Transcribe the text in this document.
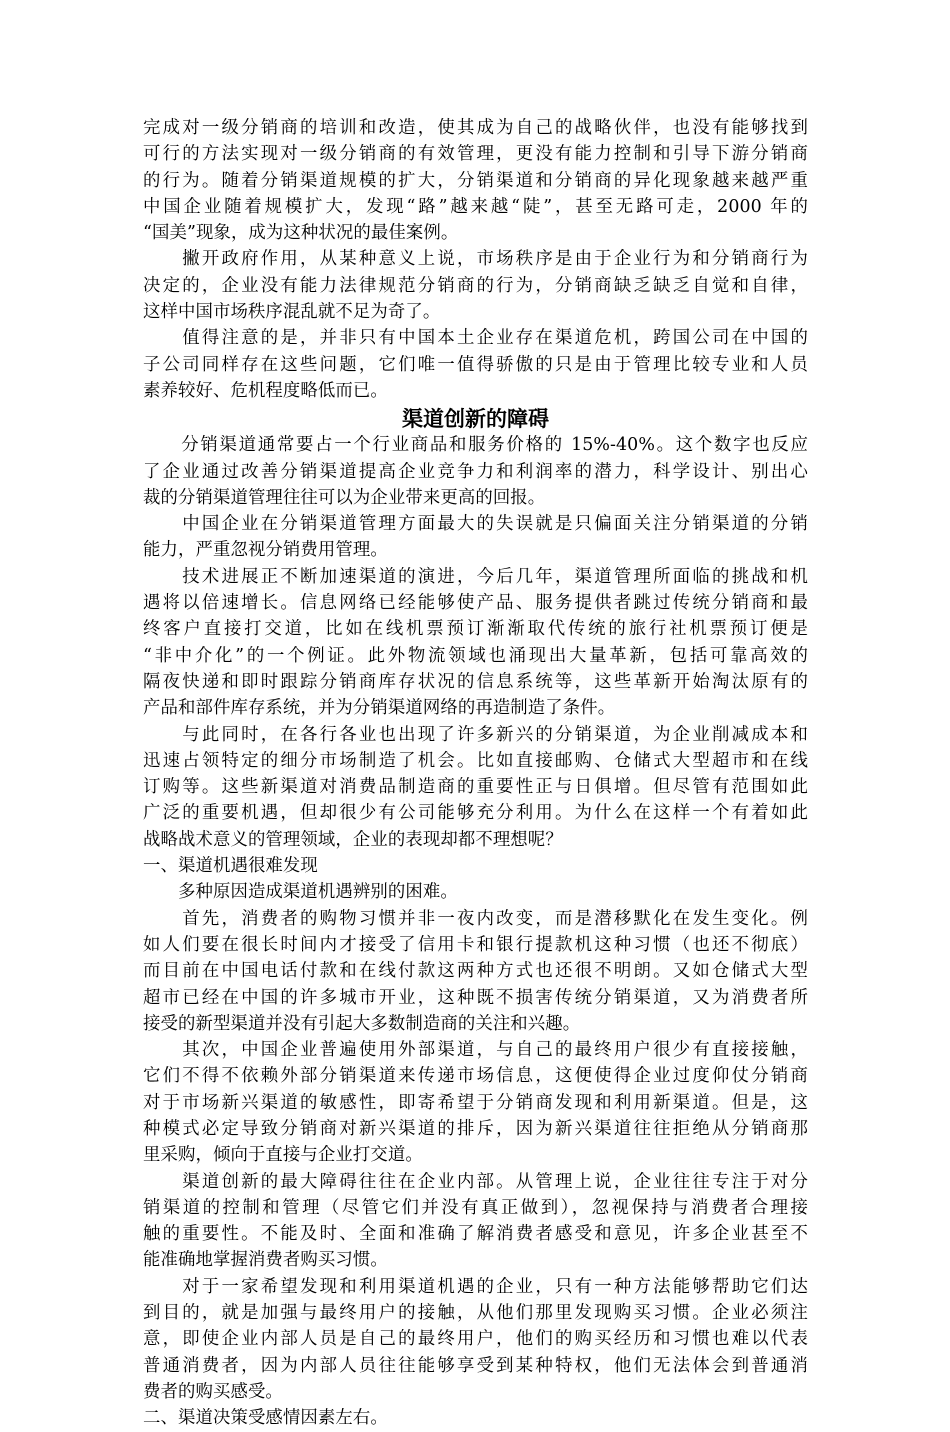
完成对一级分销商的培训和改造，使其成为自己的战略伙伴，也没有能够找到
可行的方法实现对一级分销商的有效管理，更没有能力控制和引导下游分销商
的行为。随着分销渠道规模的扩大，分销渠道和分销商的异化现象越来越严重
中国企业随着规模扩大，发现“路”越来越“陡”，甚至无路可走，2000 年的
“国美”现象，成为这种状况的最佳案例。
　　撇开政府作用，从某种意义上说，市场秩序是由于企业行为和分销商行为
决定的，企业没有能力法律规范分销商的行为，分销商缺乏缺乏自觉和自律，
这样中国市场秩序混乱就不足为奇了。
　　值得注意的是，并非只有中国本土企业存在渠道危机，跨国公司在中国的
子公司同样存在这些问题，它们唯一值得骄傲的只是由于管理比较专业和人员
素养较好、危机程度略低而已。
渠道创新的障碍
　　分销渠道通常要占一个行业商品和服务价格的 15%-40%。这个数字也反应
了企业通过改善分销渠道提高企业竞争力和利润率的潜力，科学设计、别出心
裁的分销渠道管理往往可以为企业带来更高的回报。
　　中国企业在分销渠道管理方面最大的失误就是只偏面关注分销渠道的分销
能力，严重忽视分销费用管理。
　　技术进展正不断加速渠道的演进，今后几年，渠道管理所面临的挑战和机
遇将以倍速增长。信息网络已经能够使产品、服务提供者跳过传统分销商和最
终客户直接打交道，比如在线机票预订渐渐取代传统的旅行社机票预订便是
“非中介化”的一个例证。此外物流领域也涌现出大量革新，包括可靠高效的
隔夜快递和即时跟踪分销商库存状况的信息系统等，这些革新开始淘汰原有的
产品和部件库存系统，并为分销渠道网络的再造制造了条件。
　　与此同时，在各行各业也出现了许多新兴的分销渠道，为企业削减成本和
迅速占领特定的细分市场制造了机会。比如直接邮购、仓储式大型超市和在线
订购等。这些新渠道对消费品制造商的重要性正与日俱增。但尽管有范围如此
广泛的重要机遇，但却很少有公司能够充分利用。为什么在这样一个有着如此
战略战术意义的管理领域，企业的表现却都不理想呢？
一、渠道机遇很难发现
　　多种原因造成渠道机遇辨别的困难。
　　首先，消费者的购物习惯并非一夜内改变，而是潜移默化在发生变化。例
如人们要在很长时间内才接受了信用卡和银行提款机这种习惯（也还不彻底）
而目前在中国电话付款和在线付款这两种方式也还很不明朗。又如仓储式大型
超市已经在中国的许多城市开业，这种既不损害传统分销渠道，又为消费者所
接受的新型渠道并没有引起大多数制造商的关注和兴趣。
　　其次，中国企业普遍使用外部渠道，与自己的最终用户很少有直接接触，
它们不得不依赖外部分销渠道来传递市场信息，这便使得企业过度仰仗分销商
对于市场新兴渠道的敏感性，即寄希望于分销商发现和利用新渠道。但是，这
种模式必定导致分销商对新兴渠道的排斥，因为新兴渠道往往拒绝从分销商那
里采购，倾向于直接与企业打交道。
　　渠道创新的最大障碍往往在企业内部。从管理上说，企业往往专注于对分
销渠道的控制和管理（尽管它们并没有真正做到），忽视保持与消费者合理接
触的重要性。不能及时、全面和准确了解消费者感受和意见，许多企业甚至不
能准确地掌握消费者购买习惯。
　　对于一家希望发现和利用渠道机遇的企业，只有一种方法能够帮助它们达
到目的，就是加强与最终用户的接触，从他们那里发现购买习惯。企业必须注
意，即使企业内部人员是自己的最终用户，他们的购买经历和习惯也难以代表
普通消费者，因为内部人员往往能够享受到某种特权，他们无法体会到普通消
费者的购买感受。
二、渠道决策受感情因素左右。
